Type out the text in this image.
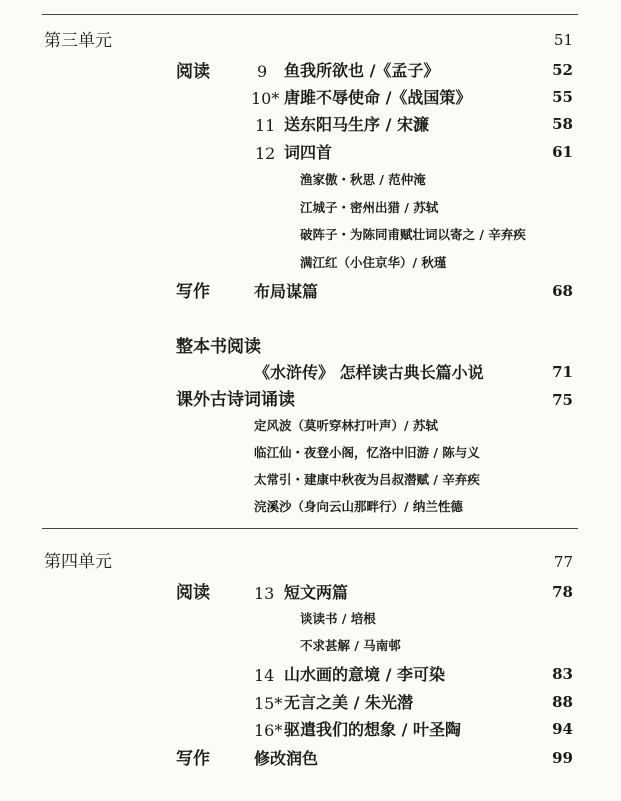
第三单元	51
阅读	9 鱼我所欲也 /《孟子》	52
10* 唐雎不辱使命 /《战国策》	55
11 送东阳马生序 / 宋濂	58
12 词四首	61
渔家傲・秋思 / 范仲淹
江城子・密州出猎 / 苏轼
破阵子・为陈同甫赋壮词以寄之 / 辛弃疾
满江红（小住京华）/ 秋瑾
写作	布局谋篇	68
整本书阅读
《水浒传》 怎样读古典长篇小说	71
课外古诗词诵读	75
定风波（莫听穿林打叶声）/ 苏轼
临江仙・夜登小阁，忆洛中旧游 / 陈与义
太常引・建康中秋夜为吕叔潜赋 / 辛弃疾
浣溪沙（身向云山那畔行）/ 纳兰性德
第四单元	77
阅读	13 短文两篇	78
谈读书 / 培根
不求甚解 / 马南邨
14 山水画的意境 / 李可染	83
15* 无言之美 / 朱光潜	88
16* 驱遣我们的想象 / 叶圣陶	94
写作	修改润色	99
